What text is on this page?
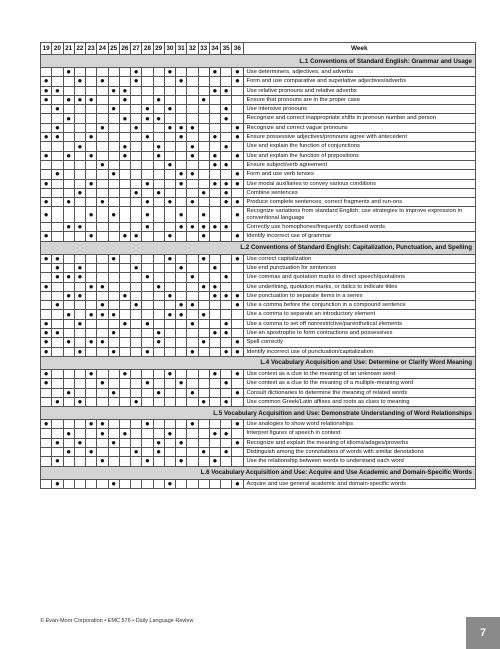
19	20	21	22	23	24	25	26	27	28	29	30	31	32	33	34	35	36	Week
L.1 Conventions of Standard English: Grammar and Usage																		
		●						●			●				●		●	Use determiners, adjectives, and adverbs
●			●		●			●				●					●	Form and use comparative and superlative adjectives/adverbs
●	●					●	●								●	●		Use relative pronouns and relative adverbs
●		●	●	●			●			●				●				Ensure that pronouns are in the proper case
	●					●			●		●					●		Use intensive pronouns
		●					●		●	●						●		Recognize and correct inappropriate shifts in pronoun number and person
	●				●			●			●	●	●				●	Recognize and correct vague pronouns
●	●			●					●			●			●		●	Ensure possessive adjectives/pronouns agree with antecedent
			●				●			●			●			●		Use and explain the function of conjunctions
●		●		●			●			●			●		●		●	Use and explain the function of prepositions
					●						●				●	●		Ensure subject/verb agreement
	●					●						●	●				●	Form and use verb tenses
●				●					●			●			●	●	●	Use modal auxiliaries to convey various conditions
			●					●		●				●		●		Combine sentences
●		●			●				●		●		●			●	●	Produce complete sentences; correct fragments and run-ons
●				●		●			●			●		●			●	Recognize variations from standard English; use strategies to improve expression in conventional language
		●	●						●			●	●	●	●	●		Correctly use homophones/frequently confused words
●				●			●	●			●			●			●	Identify incorrect use of grammar
L.2 Conventions of Standard English: Capitalization, Punctuation, and Spelling																		
●	●					●					●			●			●	Use correct capitalization
	●		●					●				●			●			Use end punctuation for sentences
	●	●	●						●				●			●		Use commas and quotation marks in direct speech/quotations
●				●	●					●				●	●			Use underlining, quotation marks, or italics to indicate titles
		●	●				●				●				●	●	●	Use punctuation to separate items in a series
	●				●			●				●	●				●	Use a comma before the conjunction in a compound sentence
		●		●	●	●					●	●		●				Use a comma to separate an introductory element
●			●				●		●				●			●		Use a comma to set off nonrestrictive/parenthetical elements
●	●					●				●					●	●		Use an apostrophe to form contractions and possessives
●		●		●	●					●				●			●	Spell correctly
●			●			●			●				●			●	●	Identify incorrect use of punctuation/capitalization
L.4 Vocabulary Acquisition and Use: Determine or Clarify Word Meaning																		
●				●			●				●				●		●	Use context as a clue to the meaning of an unknown word
●					●				●			●				●		Use context as a clue to the meaning of a multiple-meaning word
		●				●				●			●				●	Consult dictionaries to determine the meaning of related words
	●		●					●						●		●		Use common Greek/Latin affixes and roots as clues to meaning
L.5 Vocabulary Acquisition and Use: Demonstrate Understanding of Word Relationships																		
●				●	●				●				●				●	Use analogies to show word relationships
		●			●		●				●				●	●		Interpret figures of speech in context
	●		●			●				●		●					●	Recognize and explain the meaning of idioms/adages/proverbs
		●		●				●		●				●		●		Distinguish among the connotations of words with similar denotations
	●				●				●			●			●			Use the relationship between words to understand each word
L.6 Vocabulary Acquisition and Use: Acquire and Use Academic and Domain-Specific Words																		
	●					●					●						●	Acquire and use general academic and domain-specific words
© Evan-Moor Corporation • EMC 576 • Daily Language Review
7
